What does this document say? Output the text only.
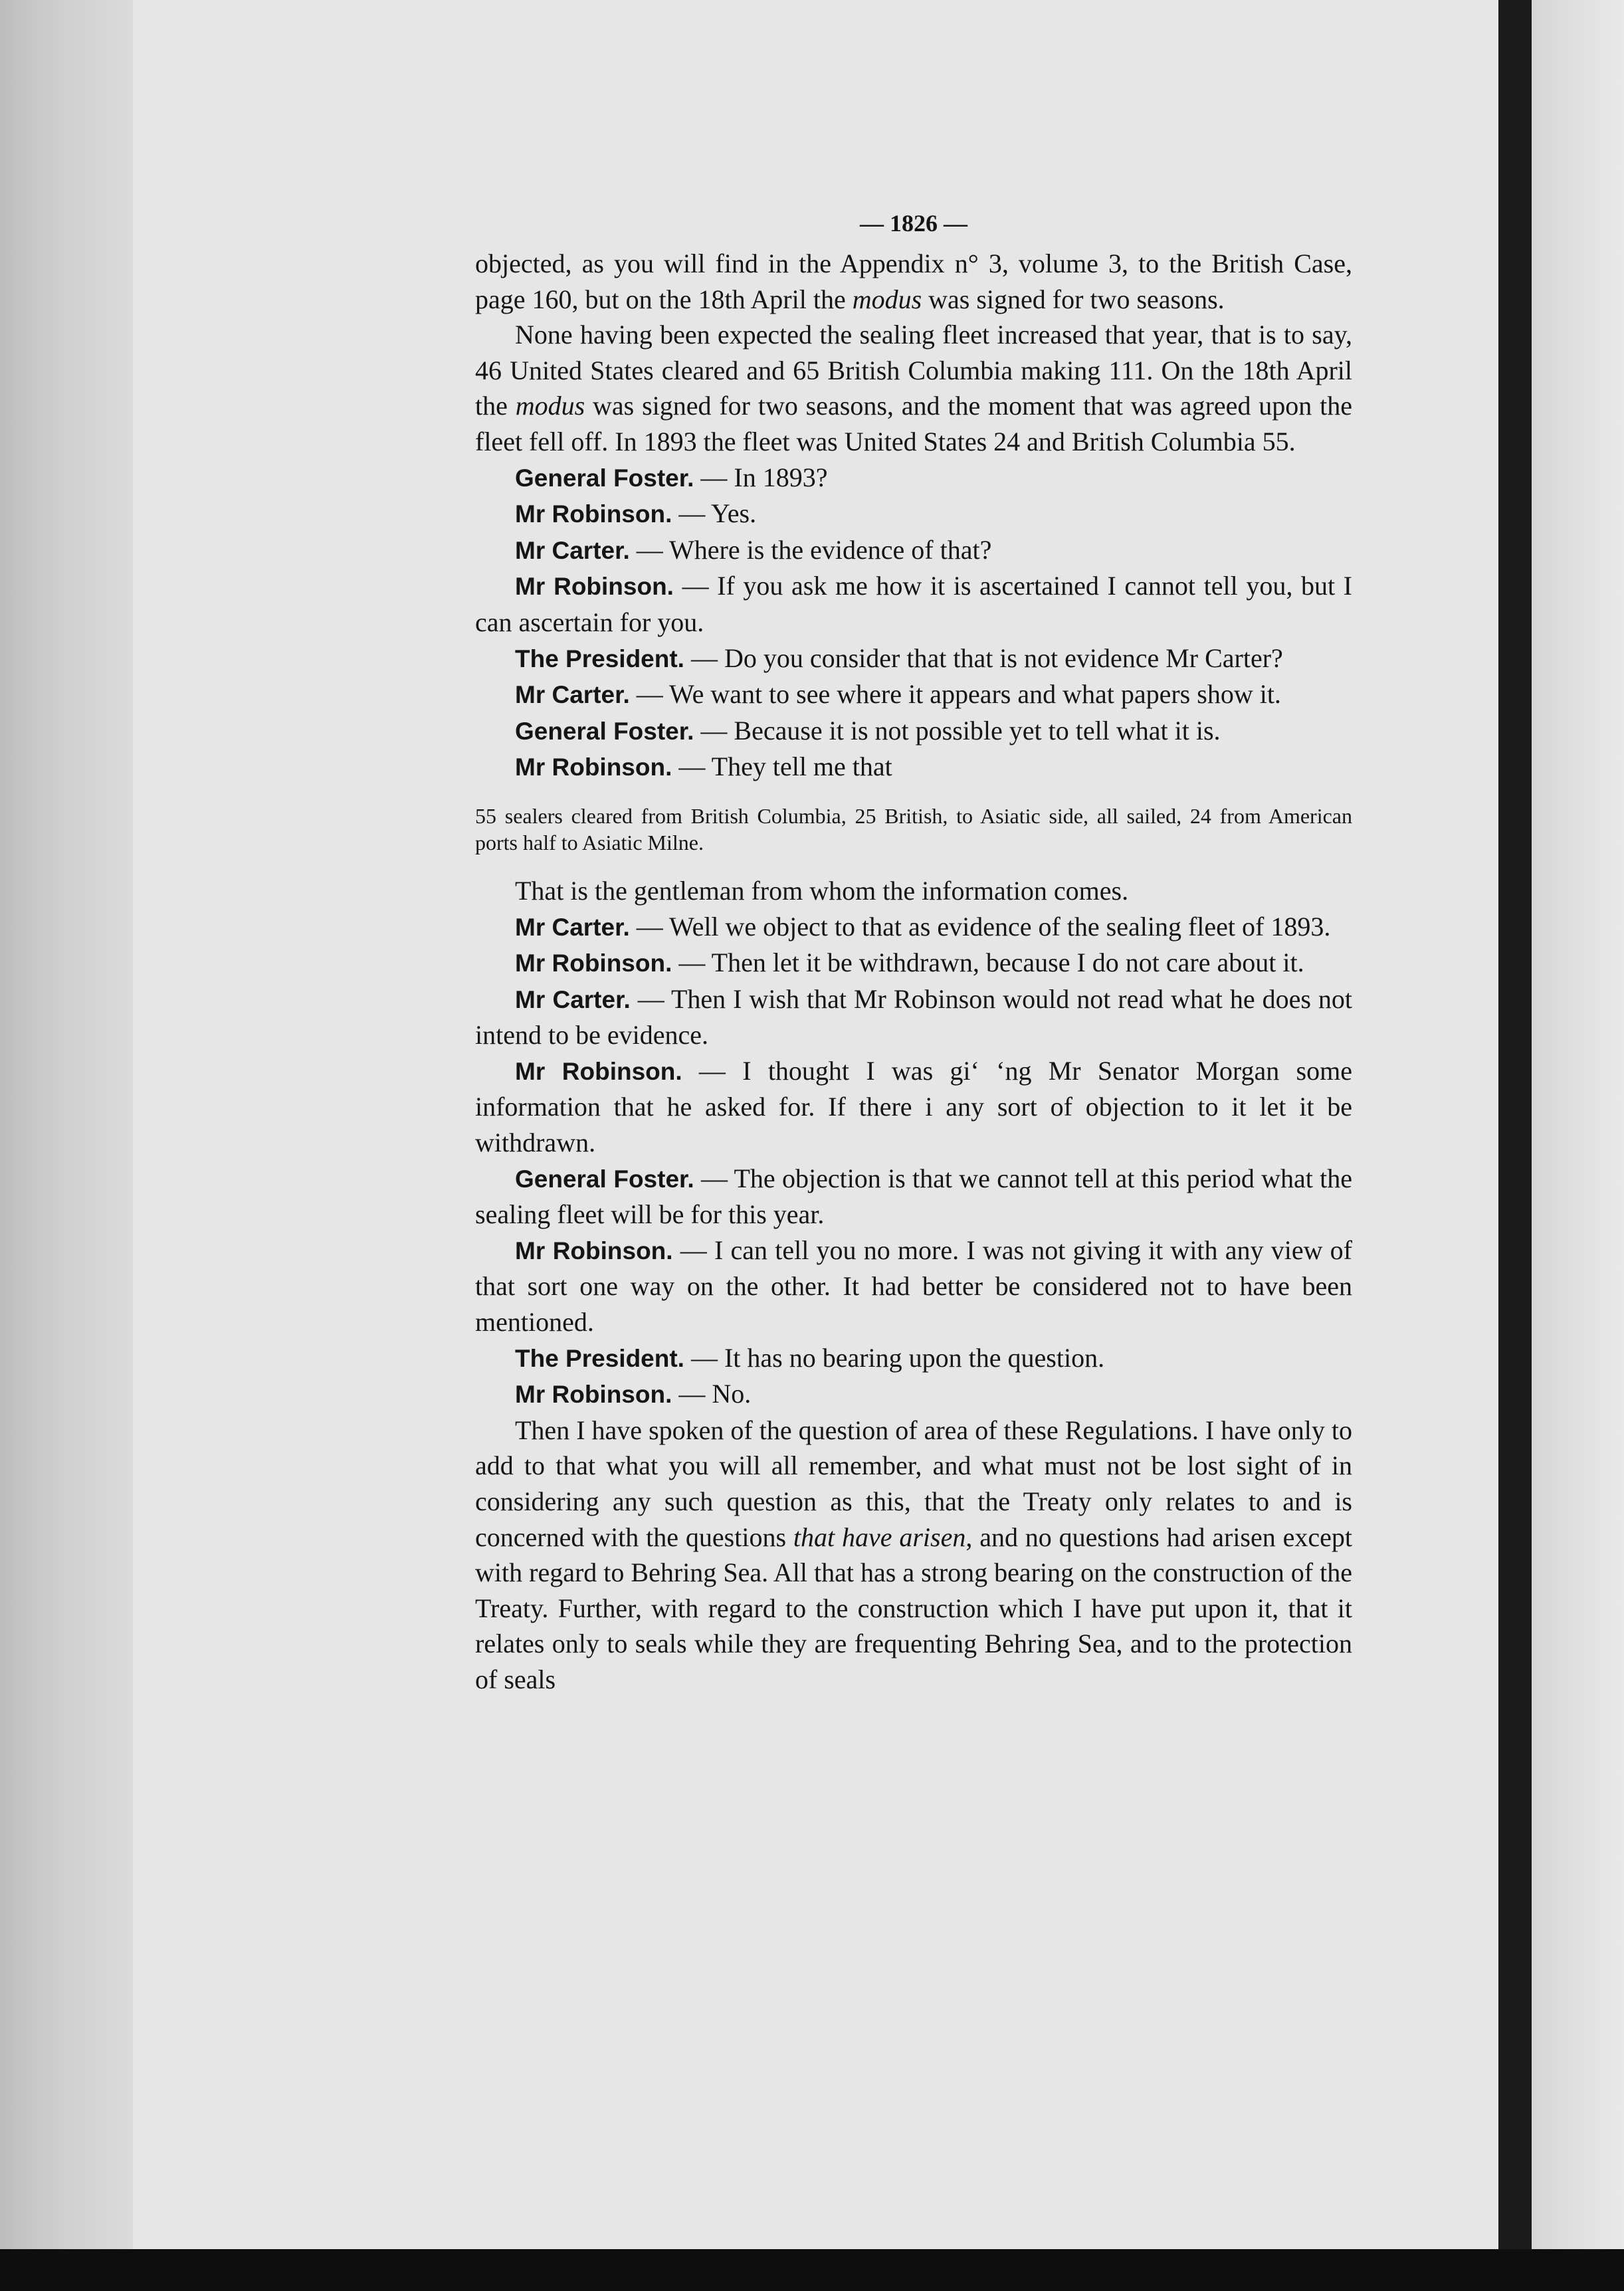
— 1826 —

objected, as you will find in the Appendix n° 3, volume 3, to the British Case, page 160, but on the 18th April the modus was signed for two seasons.

None having been expected the sealing fleet increased that year, that is to say, 46 United States cleared and 65 British Columbia making 111. On the 18th April the modus was signed for two seasons, and the moment that was agreed upon the fleet fell off. In 1893 the fleet was United States 24 and British Columbia 55.

General Foster. — In 1893?

Mr Robinson. — Yes.

Mr Carter. — Where is the evidence of that?

Mr Robinson. — If you ask me how it is ascertained I cannot tell you, but I can ascertain for you.

The President. — Do you consider that that is not evidence Mr Carter?

Mr Carter. — We want to see where it appears and what papers show it.

General Foster. — Because it is not possible yet to tell what it is.

Mr Robinson. — They tell me that

55 sealers cleared from British Columbia, 25 British, to Asiatic side, all sailed, 24 from American ports half to Asiatic Milne.

That is the gentleman from whom the information comes.

Mr Carter. — Well we object to that as evidence of the sealing fleet of 1893.

Mr Robinson. — Then let it be withdrawn, because I do not care about it.

Mr Carter. — Then I wish that Mr Robinson would not read what he does not intend to be evidence.

Mr Robinson. — I thought I was giʻ ʻng Mr Senator Morgan some information that he asked for. If there i any sort of objection to it let it be withdrawn.

General Foster. — The objection is that we cannot tell at this period what the sealing fleet will be for this year.

Mr Robinson. — I can tell you no more. I was not giving it with any view of that sort one way on the other. It had better be considered not to have been mentioned.

The President. — It has no bearing upon the question.

Mr Robinson. — No.

Then I have spoken of the question of area of these Regulations. I have only to add to that what you will all remember, and what must not be lost sight of in considering any such question as this, that the Treaty only relates to and is concerned with the questions that have arisen, and no questions had arisen except with regard to Behring Sea. All that has a strong bearing on the construction of the Treaty. Further, with regard to the construction which I have put upon it, that it relates only to seals while they are frequenting Behring Sea, and to the protection of seals
